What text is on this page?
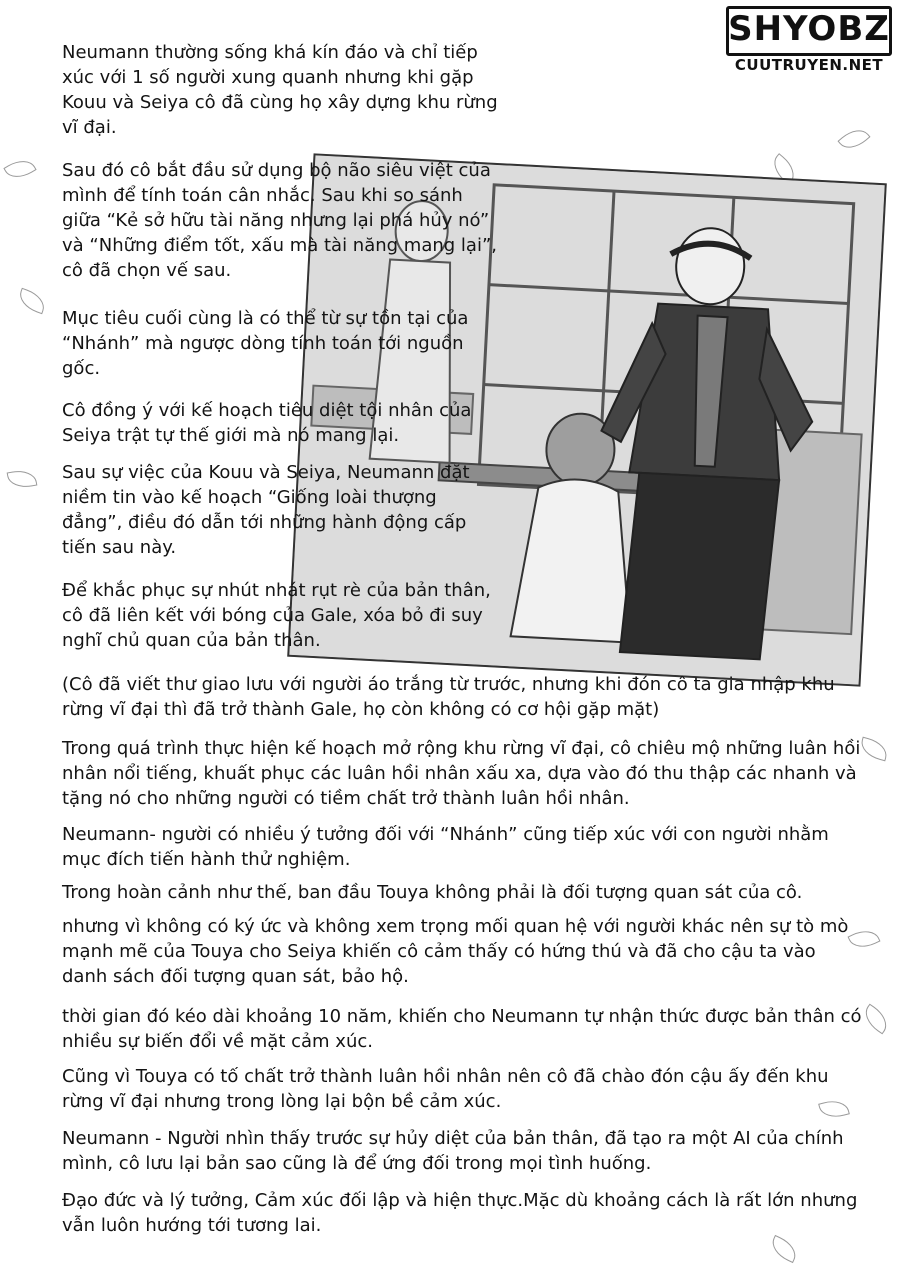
SHYOBZ
CUUTRUYEN.NET

Neumann thường sống khá kín đáo và chỉ tiếp xúc với 1 số người xung quanh nhưng khi gặp Kouu và Seiya cô đã cùng họ xây dựng khu rừng vĩ đại.

Sau đó cô bắt đầu sử dụng bộ não siêu việt của mình để tính toán cân nhắc. Sau khi so sánh giữa “Kẻ sở hữu tài năng nhưng lại phá hủy nó” và “Những điểm tốt, xấu mà tài năng mang lại”, cô đã chọn vế sau.

Mục tiêu cuối cùng là có thể từ sự tồn tại của “Nhánh” mà ngược dòng tính toán tới nguồn gốc.

Cô đồng ý với kế hoạch tiêu diệt tội nhân của Seiya trật tự thế giới mà nó mang lại.

Sau sự việc của Kouu và Seiya, Neumann đặt niềm tin vào kế hoạch “Giống loài thượng đẳng”, điều đó dẫn tới những hành động cấp tiến sau này.

Để khắc phục sự nhút nhát rụt rè của bản thân, cô đã liên kết với bóng của Gale, xóa bỏ đi suy nghĩ chủ quan của bản thân.

(Cô đã viết thư giao lưu với người áo trắng từ trước, nhưng khi đón cô ta gia nhập khu rừng vĩ đại thì đã trở thành Gale, họ còn không có cơ hội gặp mặt)

Trong quá trình thực hiện kế hoạch mở rộng khu rừng vĩ đại, cô chiêu mộ những luân hồi nhân nổi tiếng, khuất phục các luân hồi nhân xấu xa, dựa vào đó thu thập các nhanh và tặng nó cho những người có tiềm chất trở thành luân hồi nhân.

Neumann- người có nhiều ý tưởng đối với “Nhánh” cũng tiếp xúc với con người nhằm mục đích tiến hành thử nghiệm.

Trong hoàn cảnh như thế, ban đầu Touya không phải là đối tượng quan sát của cô.

nhưng vì không có ký ức và không xem trọng mối quan hệ với người khác nên sự tò mò mạnh mẽ của Touya cho Seiya khiến cô cảm thấy có hứng thú và đã cho cậu ta vào danh sách đối tượng quan sát, bảo hộ.

thời gian đó kéo dài khoảng 10 năm, khiến cho Neumann tự nhận thức được bản thân có nhiều sự biến đổi về mặt cảm xúc.

Cũng vì Touya có tố chất trở thành luân hồi nhân nên cô đã chào đón cậu ấy đến khu rừng vĩ đại nhưng trong lòng lại bộn bề cảm xúc.

Neumann - Người nhìn thấy trước sự hủy diệt của bản thân, đã tạo ra một AI của chính mình, cô lưu lại bản sao cũng là để ứng đối trong mọi tình huống.

Đạo đức và lý tưởng, Cảm xúc đối lập và hiện thực.Mặc dù khoảng cách là rất lớn nhưng vẫn luôn hướng tới tương lai.
